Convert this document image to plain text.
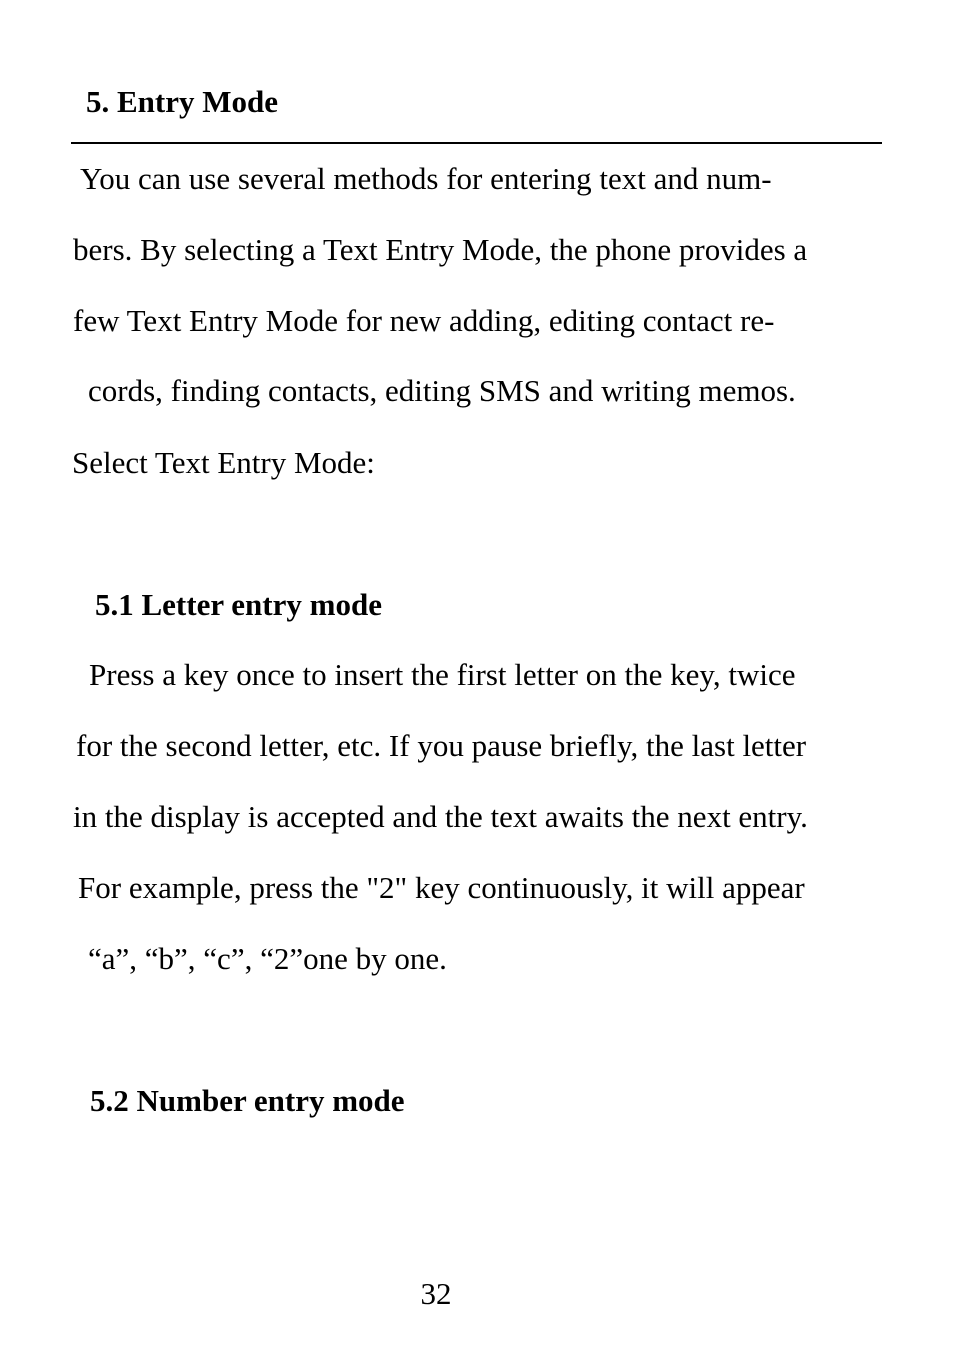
5. Entry Mode
You can use several methods for entering text and num-
bers. By selecting a Text Entry Mode, the phone provides a
few Text Entry Mode for new adding, editing contact re-
cords, finding contacts, editing SMS and writing memos.
Select Text Entry Mode:
5.1 Letter entry mode
Press a key once to insert the first letter on the key, twice
for the second letter, etc. If you pause briefly, the last letter
in the display is accepted and the text awaits the next entry.
For example, press the "2" key continuously, it will appear
“a”, “b”, “c”, “2”one by one.
5.2 Number entry mode
32
